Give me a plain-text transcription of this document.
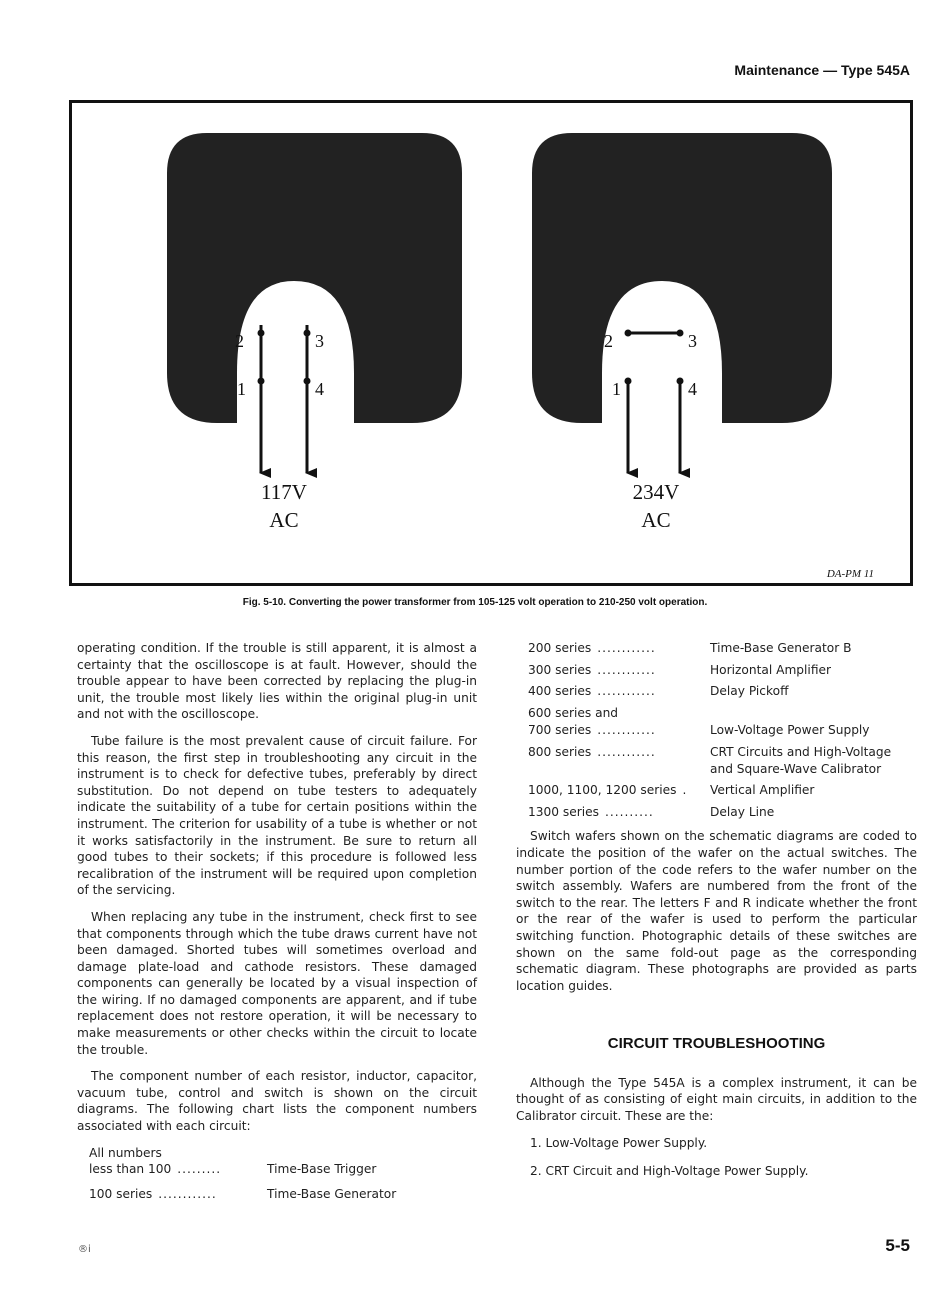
Maintenance — Type 545A
2	3
1	4
117V
AC
2	3
1	4
234V
AC
DA-PM 11
Fig. 5-10. Converting the power transformer from 105-125 volt operation to 210-250 volt operation.

operating condition. If the trouble is still apparent, it is almost a certainty that the oscilloscope is at fault. However, should the trouble appear to have been corrected by replacing the plug-in unit, the trouble most likely lies within the original plug-in unit and not with the oscilloscope.

Tube failure is the most prevalent cause of circuit failure. For this reason, the first step in troubleshooting any circuit in the instrument is to check for defective tubes, preferably by direct substitution. Do not depend on tube testers to adequately indicate the suitability of a tube for certain positions within the instrument. The criterion for usability of a tube is whether or not it works satisfactorily in the instrument. Be sure to return all good tubes to their sockets; if this procedure is followed less recalibration of the instrument will be required upon completion of the servicing.

When replacing any tube in the instrument, check first to see that components through which the tube draws current have not been damaged. Shorted tubes will sometimes overload and damage plate-load and cathode resistors. These damaged components can generally be located by a visual inspection of the wiring. If no damaged components are apparent, and if tube replacement does not restore operation, it will be necessary to make measurements or other checks within the circuit to locate the trouble.

The component number of each resistor, inductor, capacitor, vacuum tube, control and switch is shown on the circuit diagrams. The following chart lists the component numbers associated with each circuit:

All numbers
less than 100 .........	Time-Base Trigger
100 series ............	Time-Base Generator
200 series ............	Time-Base Generator B
300 series ............	Horizontal Amplifier
400 series ............	Delay Pickoff
600 series and
700 series ............	Low-Voltage Power Supply
800 series ............	CRT Circuits and High-Voltage and Square-Wave Calibrator
1000, 1100, 1200 series . Vertical Amplifier
1300 series ..........	Delay Line

Switch wafers shown on the schematic diagrams are coded to indicate the position of the wafer on the actual switches. The number portion of the code refers to the wafer number on the switch assembly. Wafers are numbered from the front of the switch to the rear. The letters F and R indicate whether the front or the rear of the wafer is used to perform the particular switching function. Photographic details of these switches are shown on the same fold-out page as the corresponding schematic diagram. These photographs are provided as parts location guides.

CIRCUIT TROUBLESHOOTING

Although the Type 545A is a complex instrument, it can be thought of as consisting of eight main circuits, in addition to the Calibrator circuit. These are the:

1. Low-Voltage Power Supply.
2. CRT Circuit and High-Voltage Power Supply.
®i	5-5
